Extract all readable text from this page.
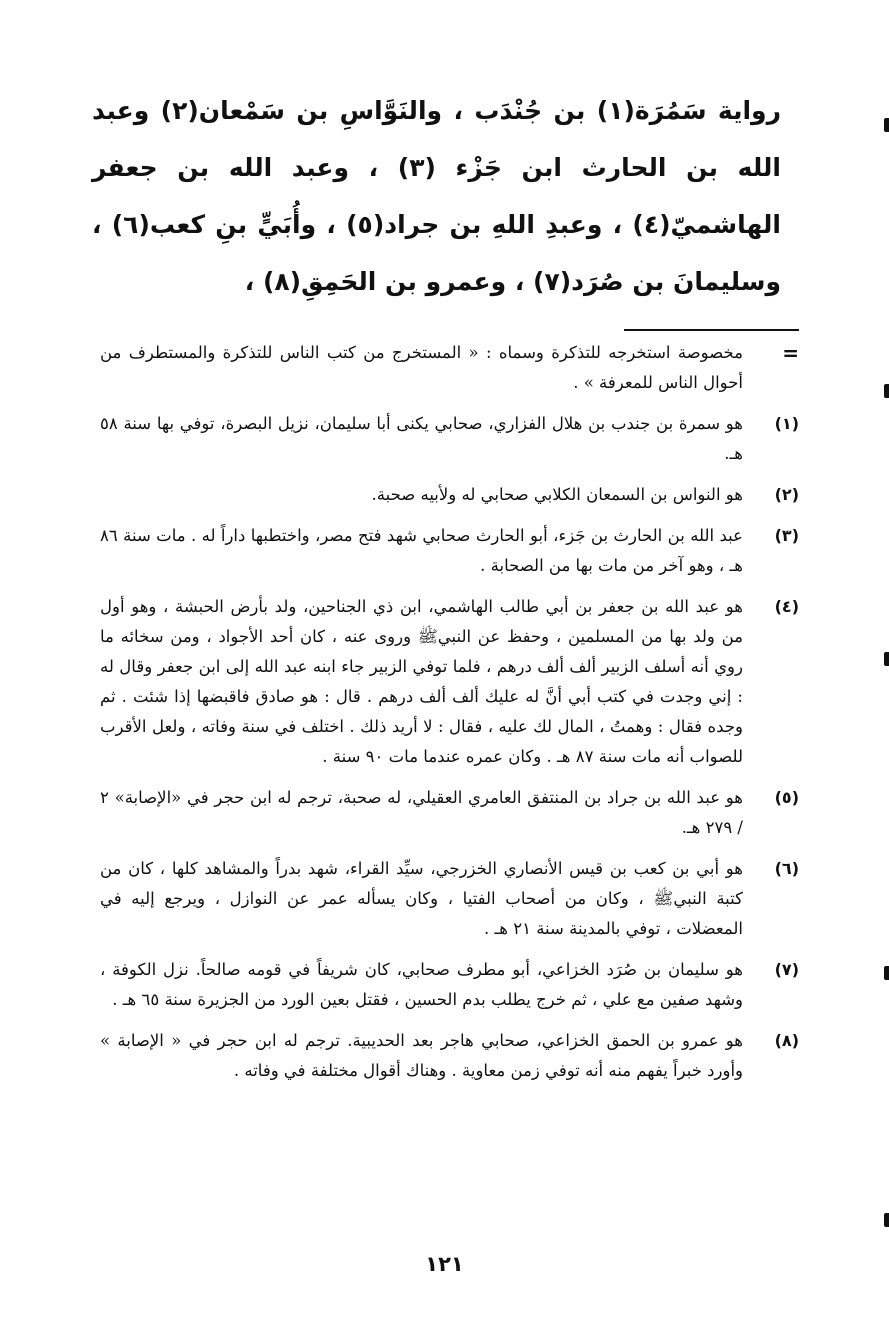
رواية سَمُرَة(١) بن جُنْدَب ، والنَوَّاسِ بن سَمْعان(٢) وعبد الله بن الحارث ابن جَزْء (٣) ، وعبد الله بن جعفر الهاشميّ(٤) ، وعبدِ اللهِ بن جراد(٥) ، وأُبَيٍّ بنِ كعب(٦) ، وسليمانَ بن صُرَد(٧) ، وعمرو بن الحَمِقِ(٨) ،

=
مخصوصة استخرجه للتذكرة وسماه : « المستخرج من كتب الناس للتذكرة والمستطرف من أحوال الناس للمعرفة » .
(١)
هو سمرة بن جندب بن هلال الفزاري، صحابي يكنى أبا سليمان، نزيل البصرة، توفي بها سنة ٥٨ هـ.
(٢)
هو النواس بن السمعان الكلابي صحابي له ولأبيه صحبة.
(٣)
عبد الله بن الحارث بن جَزء، أبو الحارث صحابي شهد فتح مصر، واختطبها داراً له . مات سنة ٨٦ هـ ، وهو آخر من مات بها من الصحابة .
(٤)
هو عبد الله بن جعفر بن أبي طالب الهاشمي، ابن ذي الجناحين، ولد بأرض الحبشة ، وهو أول من ولد بها من المسلمين ، وحفظ عن النبيﷺ وروى عنه ، كان أحد الأجواد ، ومن سخائه ما روي أنه أسلف الزبير ألف ألف درهم ، فلما توفي الزبير جاء ابنه عبد الله إلى ابن جعفر وقال له : إني وجدت في كتب أبي أنَّ له عليك ألف ألف درهم . قال : هو صادق فاقبضها إذا شئت . ثم وجده فقال : وهمتُ ، المال لك عليه ، فقال : لا أريد ذلك . اختلف في سنة وفاته ، ولعل الأقرب للصواب أنه مات سنة ٨٧ هـ . وكان عمره عندما مات ٩٠ سنة .
(٥)
هو عبد الله بن جراد بن المنتفق العامري العقيلي، له صحبة، ترجم له ابن حجر في «الإصابة» ٢ / ٢٧٩ هـ.
(٦)
هو أبي بن كعب بن قيس الأنصاري الخزرجي، سيِّد القراء، شهد بدراً والمشاهد كلها ، كان من كتبة النبيﷺ ، وكان من أصحاب الفتيا ، وكان يسأله عمر عن النوازل ، ويرجع إليه في المعضلات ، توفي بالمدينة سنة ٢١ هـ .
(٧)
هو سليمان بن صُرَد الخزاعي، أبو مطرف صحابي، كان شريفاً في قومه صالحاً. نزل الكوفة ، وشهد صفين مع علي ، ثم خرج يطلب بدم الحسين ، فقتل بعين الورد من الجزيرة سنة ٦٥ هـ .
(٨)
هو عمرو بن الحمق الخزاعي، صحابي هاجر بعد الحديبية. ترجم له ابن حجر في « الإصابة » وأورد خبراً يفهم منه أنه توفي زمن معاوية . وهناك أقوال مختلفة في وفاته .
١٢١
